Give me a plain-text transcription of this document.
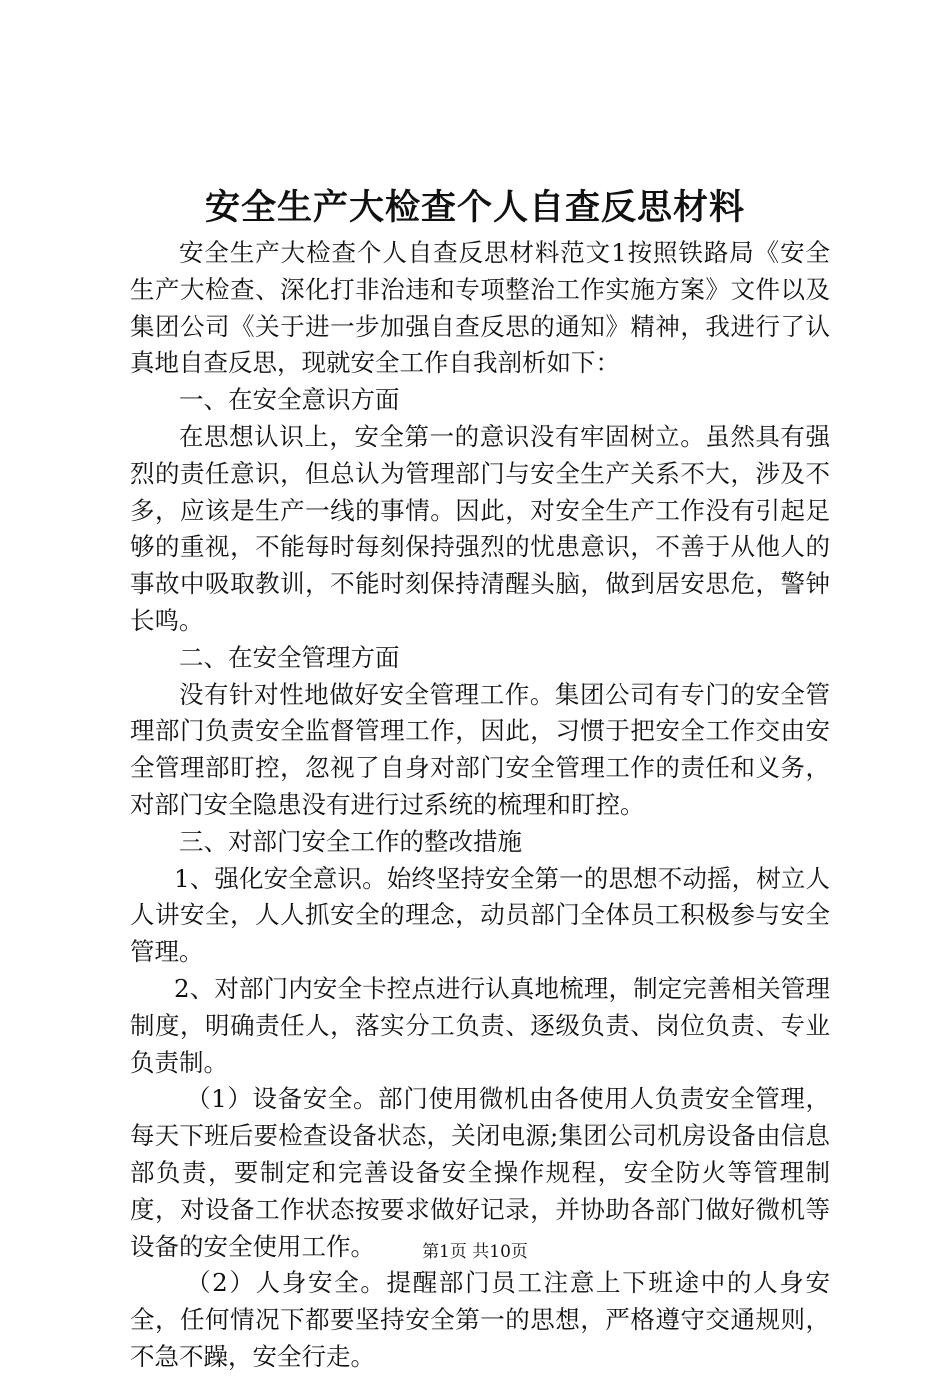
安全生产大检查个人自查反思材料

安全生产大检查个人自查反思材料范文1按照铁路局《安全生产大检查、深化打非治违和专项整治工作实施方案》文件以及集团公司《关于进一步加强自查反思的通知》精神，我进行了认真地自查反思，现就安全工作自我剖析如下：

一、在安全意识方面

在思想认识上，安全第一的意识没有牢固树立。虽然具有强烈的责任意识，但总认为管理部门与安全生产关系不大，涉及不多，应该是生产一线的事情。因此，对安全生产工作没有引起足够的重视，不能每时每刻保持强烈的忧患意识，不善于从他人的事故中吸取教训，不能时刻保持清醒头脑，做到居安思危，警钟长鸣。

二、在安全管理方面

没有针对性地做好安全管理工作。集团公司有专门的安全管理部门负责安全监督管理工作，因此，习惯于把安全工作交由安全管理部盯控，忽视了自身对部门安全管理工作的责任和义务，对部门安全隐患没有进行过系统的梳理和盯控。

三、对部门安全工作的整改措施

1、强化安全意识。始终坚持安全第一的思想不动摇，树立人人讲安全，人人抓安全的理念，动员部门全体员工积极参与安全管理。

2、对部门内安全卡控点进行认真地梳理，制定完善相关管理制度，明确责任人，落实分工负责、逐级负责、岗位负责、专业负责制。

（1）设备安全。部门使用微机由各使用人负责安全管理，每天下班后要检查设备状态，关闭电源;集团公司机房设备由信息部负责，要制定和完善设备安全操作规程，安全防火等管理制度，对设备工作状态按要求做好记录，并协助各部门做好微机等设备的安全使用工作。

（2）人身安全。提醒部门员工注意上下班途中的人身安全，任何情况下都要坚持安全第一的思想，严格遵守交通规则，不急不躁，安全行走。

第1页 共10页
